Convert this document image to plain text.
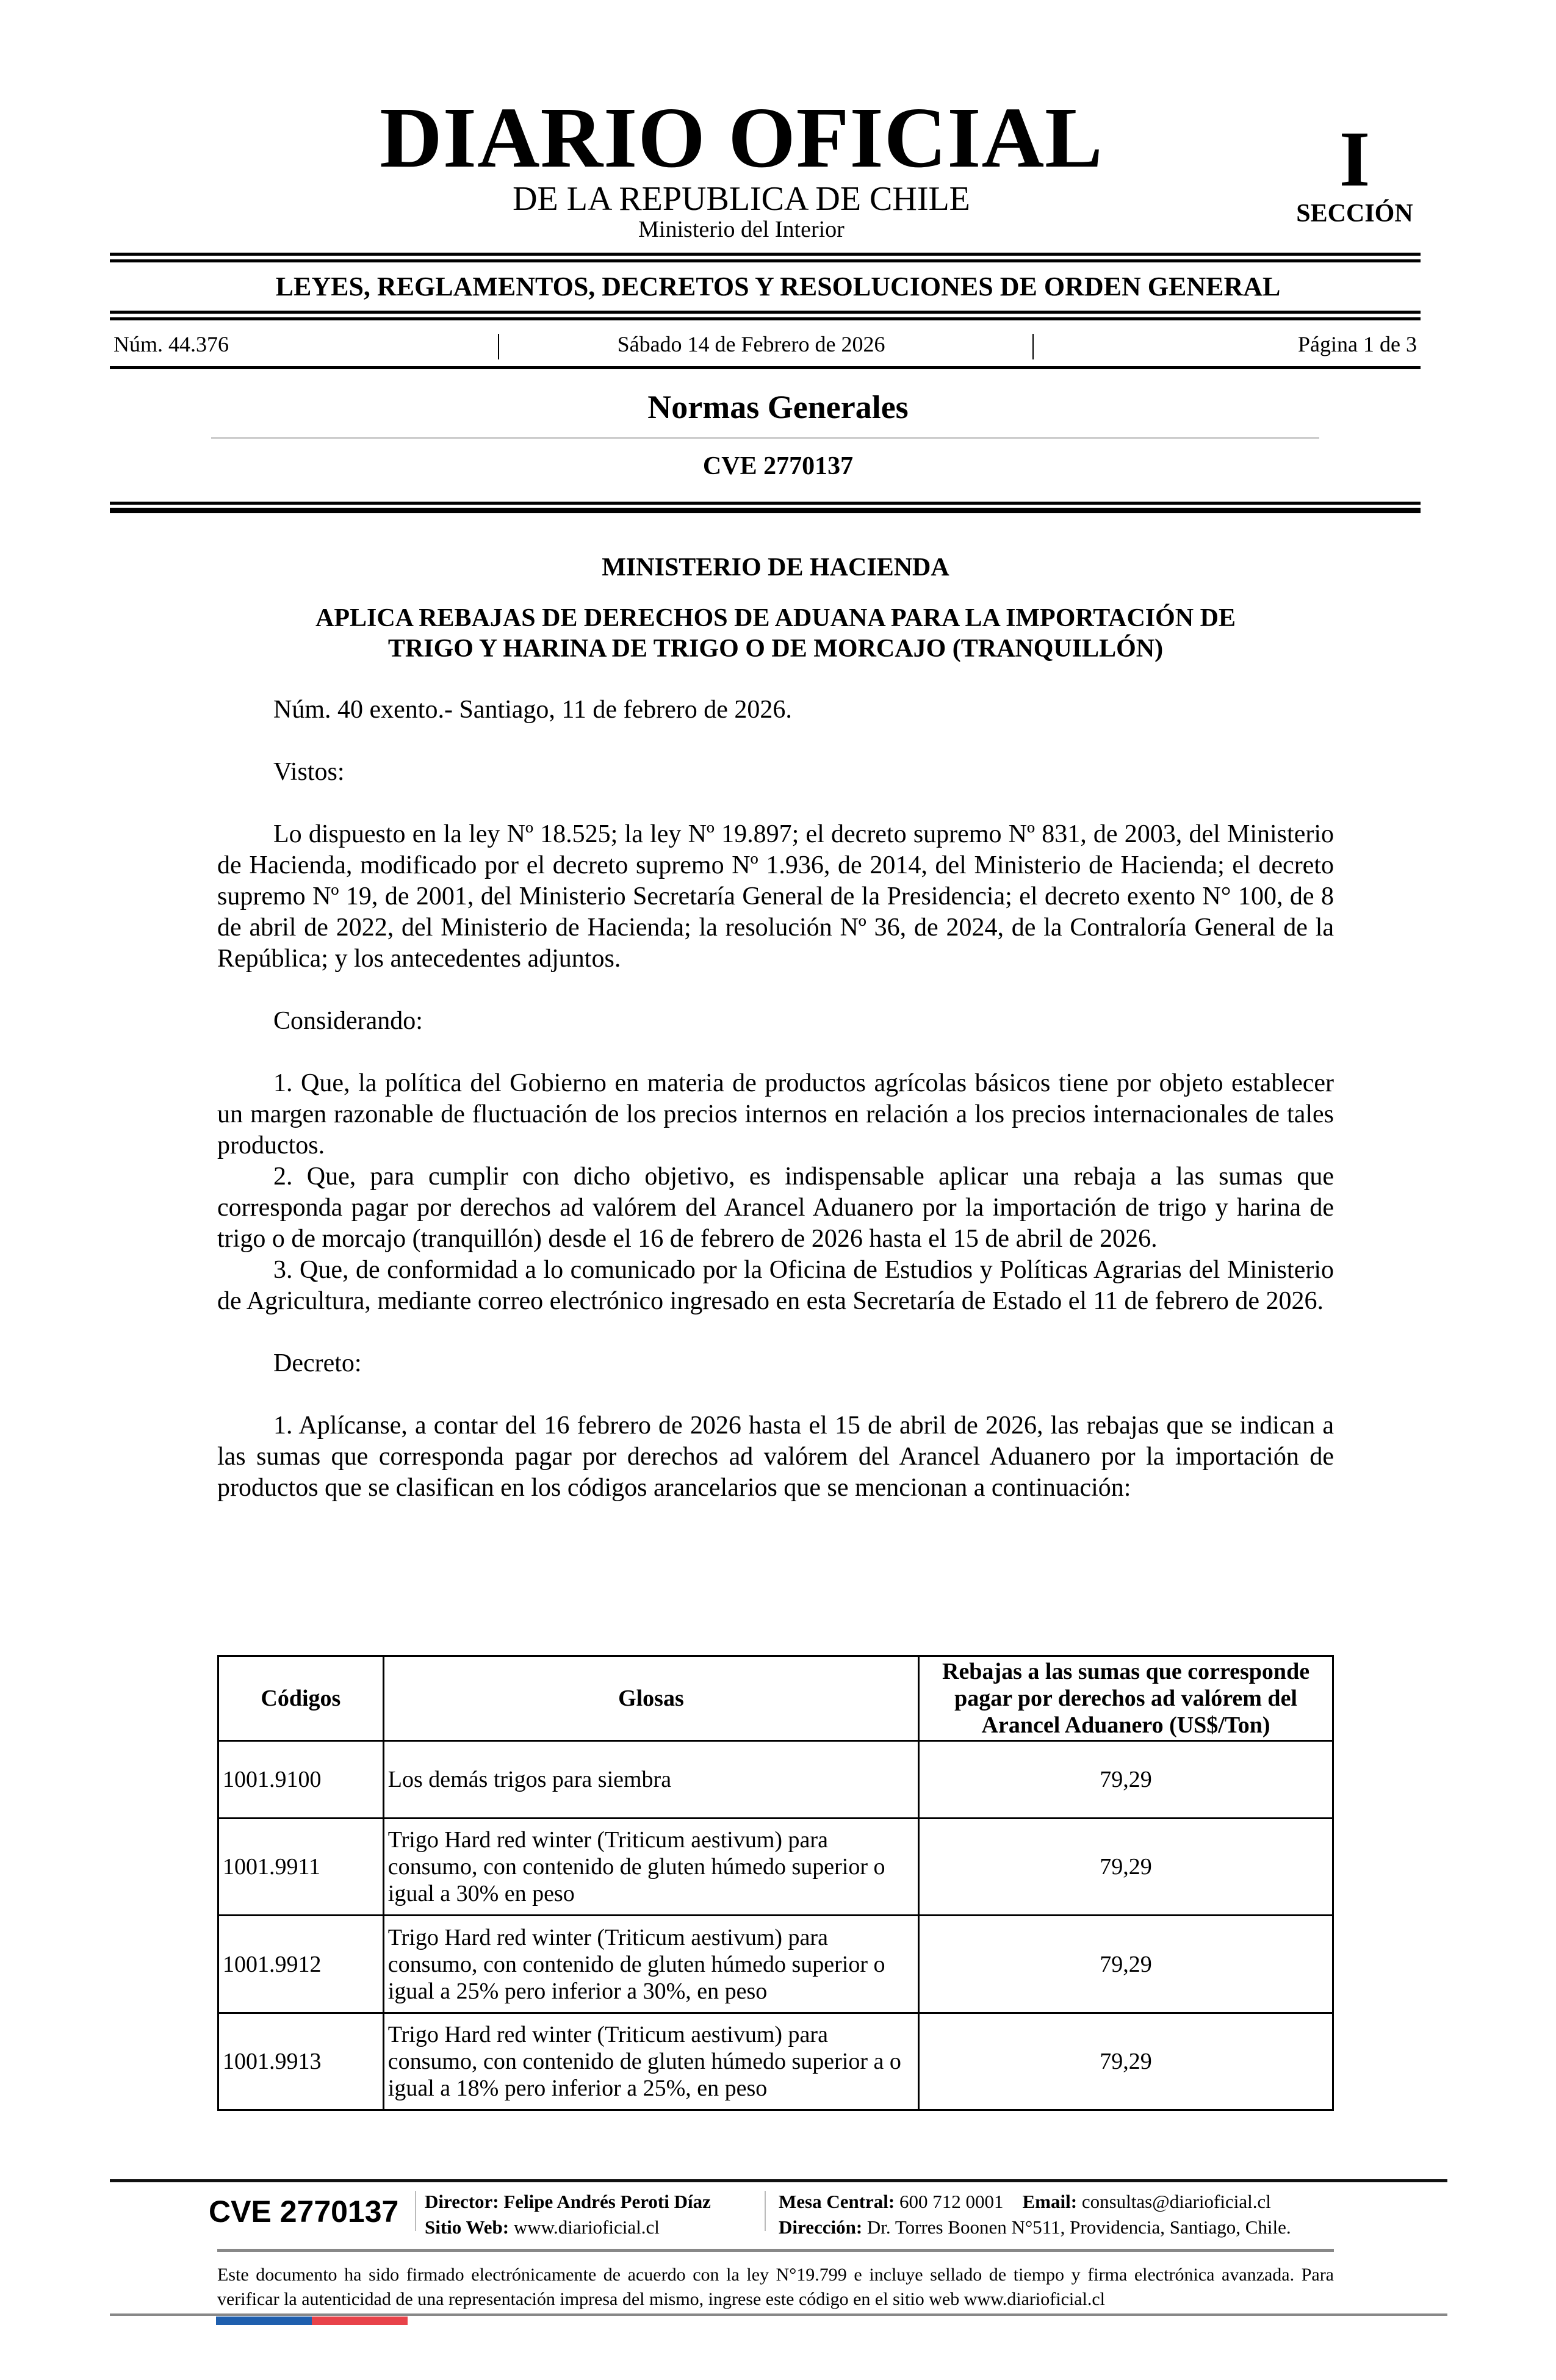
DIARIO OFICIAL
DE LA REPUBLICA DE CHILE
Ministerio del Interior
I
SECCIÓN
LEYES, REGLAMENTOS, DECRETOS Y RESOLUCIONES DE ORDEN GENERAL
Núm. 44.376	Sábado 14 de Febrero de 2026	Página 1 de 3
Normas Generales
CVE 2770137
MINISTERIO DE HACIENDA
APLICA REBAJAS DE DERECHOS DE ADUANA PARA LA IMPORTACIÓN DE
TRIGO Y HARINA DE TRIGO O DE MORCAJO (TRANQUILLÓN)

Núm. 40 exento.- Santiago, 11 de febrero de 2026.

Vistos:

Lo dispuesto en la ley Nº 18.525; la ley Nº 19.897; el decreto supremo Nº 831, de 2003, del Ministerio de Hacienda, modificado por el decreto supremo Nº 1.936, de 2014, del Ministerio de Hacienda; el decreto supremo Nº 19, de 2001, del Ministerio Secretaría General de la Presidencia; el decreto exento N° 100, de 8 de abril de 2022, del Ministerio de Hacienda; la resolución Nº 36, de 2024, de la Contraloría General de la República; y los antecedentes adjuntos.

Considerando:

1. Que, la política del Gobierno en materia de productos agrícolas básicos tiene por objeto establecer un margen razonable de fluctuación de los precios internos en relación a los precios internacionales de tales productos.

2. Que, para cumplir con dicho objetivo, es indispensable aplicar una rebaja a las sumas que corresponda pagar por derechos ad valórem del Arancel Aduanero por la importación de trigo y harina de trigo o de morcajo (tranquillón) desde el 16 de febrero de 2026 hasta el 15 de abril de 2026.

3. Que, de conformidad a lo comunicado por la Oficina de Estudios y Políticas Agrarias del Ministerio de Agricultura, mediante correo electrónico ingresado en esta Secretaría de Estado el 11 de febrero de 2026.

Decreto:

1. Aplícanse, a contar del 16 febrero de 2026 hasta el 15 de abril de 2026, las rebajas que se indican a las sumas que corresponda pagar por derechos ad valórem del Arancel Aduanero por la importación de productos que se clasifican en los códigos arancelarios que se mencionan a continuación:

Códigos	Glosas	Rebajas a las sumas que corresponde pagar por derechos ad valórem del Arancel Aduanero (US$/Ton)
1001.9100	Los demás trigos para siembra	79,29
1001.9911	Trigo Hard red winter (Triticum aestivum) para consumo, con contenido de gluten húmedo superior o igual a 30% en peso	79,29
1001.9912	Trigo Hard red winter (Triticum aestivum) para consumo, con contenido de gluten húmedo superior o igual a 25% pero inferior a 30%, en peso	79,29
1001.9913	Trigo Hard red winter (Triticum aestivum) para consumo, con contenido de gluten húmedo superior a o igual a 18% pero inferior a 25%, en peso	79,29
CVE 2770137 Director: Felipe Andrés Peroti Díaz
Sitio Web: www.diarioficial.cl
Mesa Central: 600 712 0001 Email: consultas@diarioficial.cl
Dirección: Dr. Torres Boonen N°511, Providencia, Santiago, Chile.
Este documento ha sido firmado electrónicamente de acuerdo con la ley N°19.799 e incluye sellado de tiempo y firma electrónica avanzada. Para verificar la autenticidad de una representación impresa del mismo, ingrese este código en el sitio web www.diarioficial.cl
